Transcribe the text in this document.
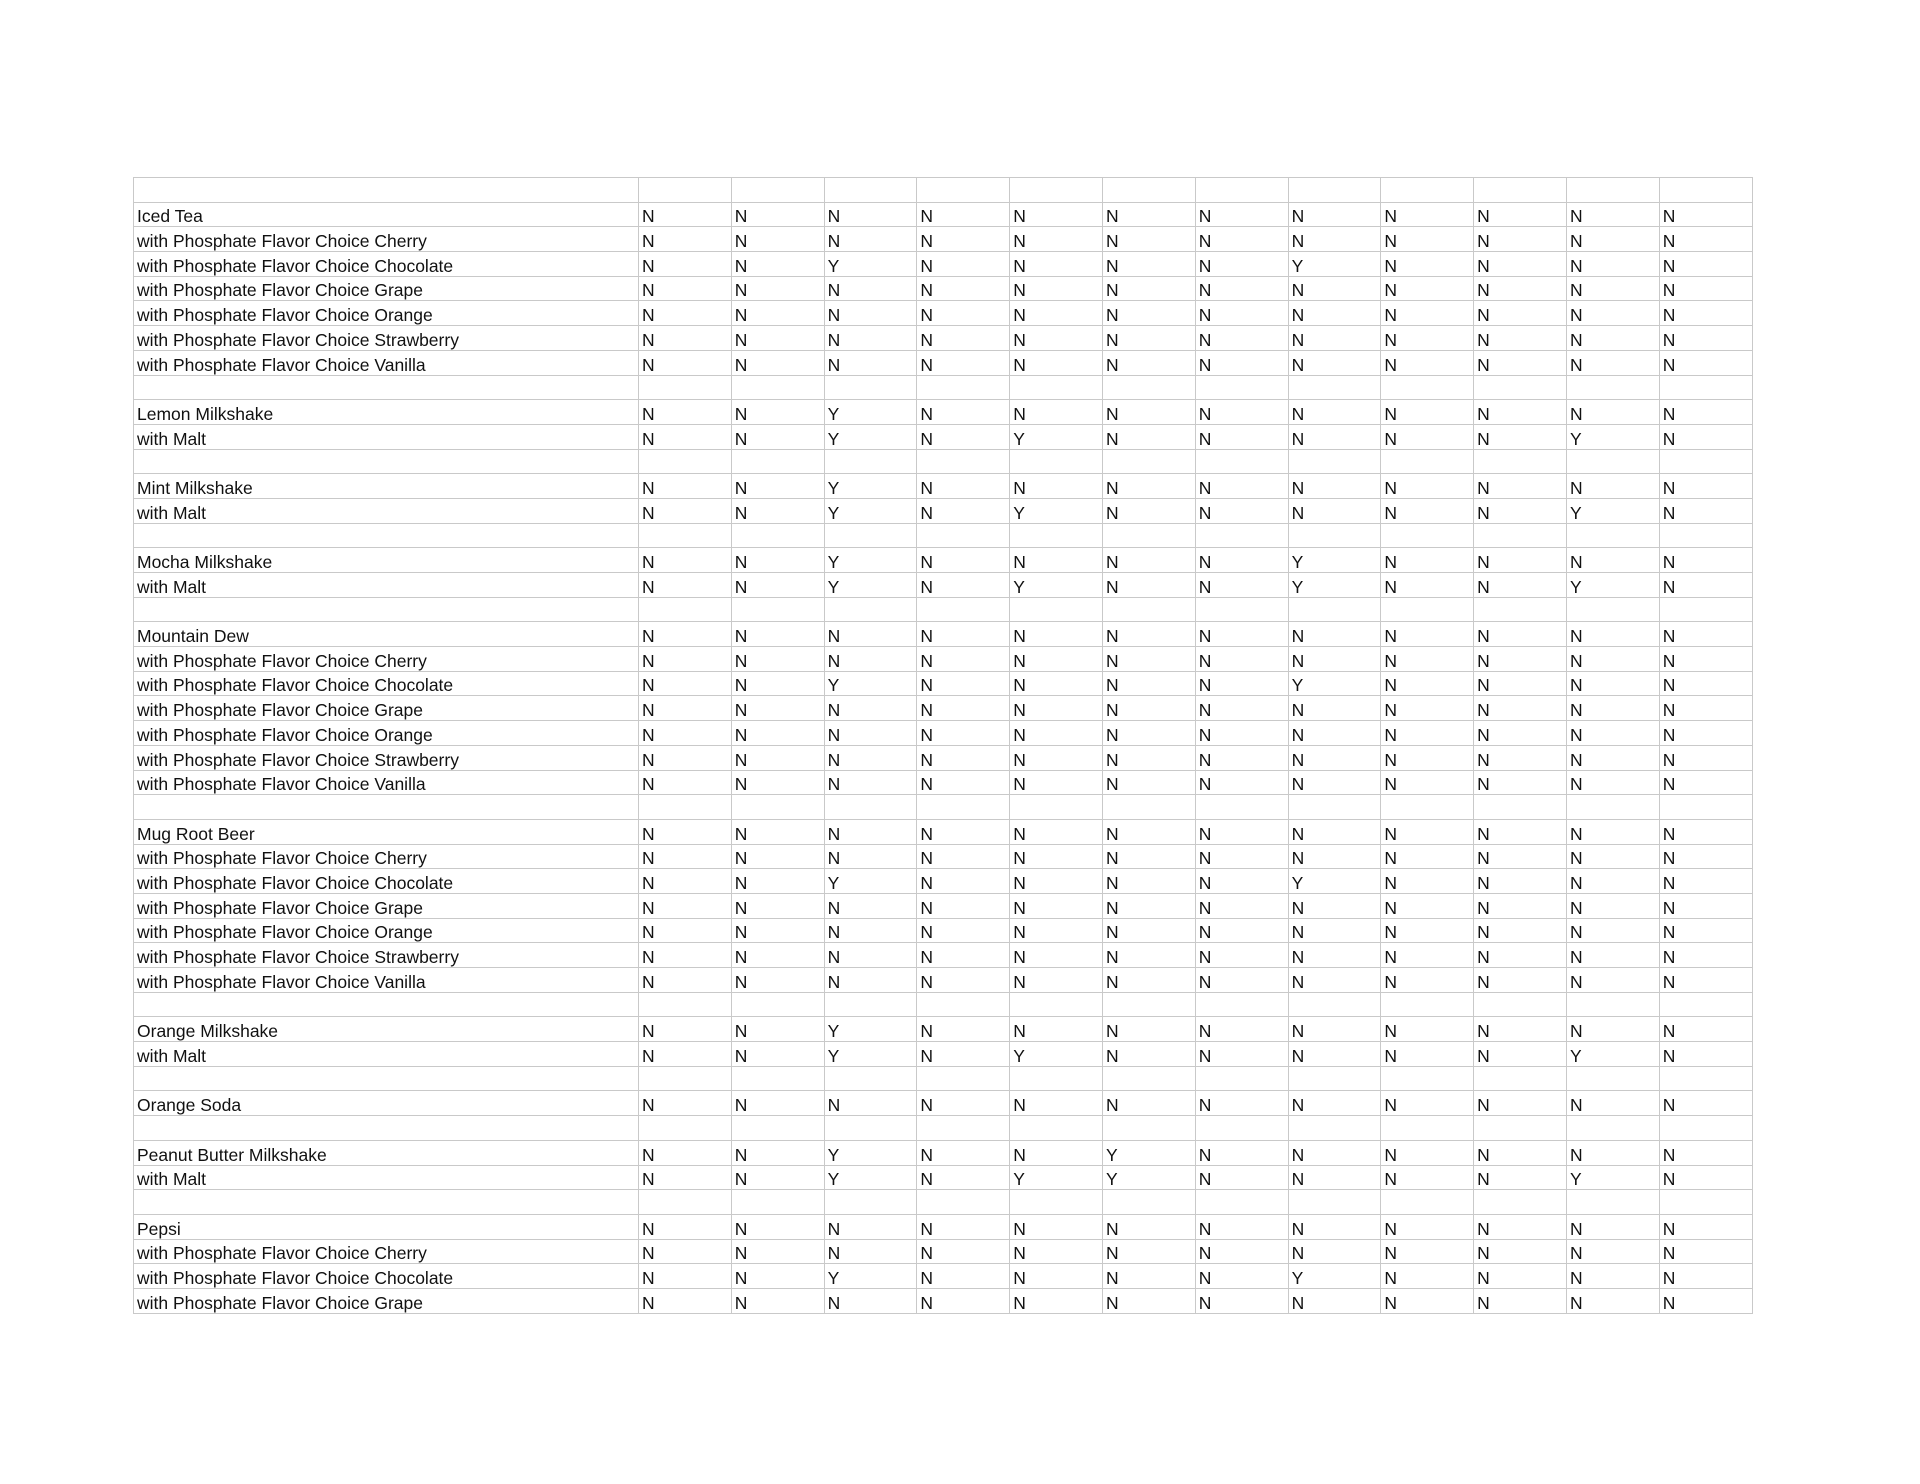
Iced Tea	N	N	N	N	N	N	N	N	N	N	N	N
with Phosphate Flavor Choice Cherry	N	N	N	N	N	N	N	N	N	N	N	N
with Phosphate Flavor Choice Chocolate	N	N	Y	N	N	N	N	Y	N	N	N	N
with Phosphate Flavor Choice Grape	N	N	N	N	N	N	N	N	N	N	N	N
with Phosphate Flavor Choice Orange	N	N	N	N	N	N	N	N	N	N	N	N
with Phosphate Flavor Choice Strawberry	N	N	N	N	N	N	N	N	N	N	N	N
with Phosphate Flavor Choice Vanilla	N	N	N	N	N	N	N	N	N	N	N	N

Lemon Milkshake	N	N	Y	N	N	N	N	N	N	N	N	N
with Malt	N	N	Y	N	Y	N	N	N	N	N	Y	N

Mint Milkshake	N	N	Y	N	N	N	N	N	N	N	N	N
with Malt	N	N	Y	N	Y	N	N	N	N	N	Y	N

Mocha Milkshake	N	N	Y	N	N	N	N	Y	N	N	N	N
with Malt	N	N	Y	N	Y	N	N	Y	N	N	Y	N

Mountain Dew	N	N	N	N	N	N	N	N	N	N	N	N
with Phosphate Flavor Choice Cherry	N	N	N	N	N	N	N	N	N	N	N	N
with Phosphate Flavor Choice Chocolate	N	N	Y	N	N	N	N	Y	N	N	N	N
with Phosphate Flavor Choice Grape	N	N	N	N	N	N	N	N	N	N	N	N
with Phosphate Flavor Choice Orange	N	N	N	N	N	N	N	N	N	N	N	N
with Phosphate Flavor Choice Strawberry	N	N	N	N	N	N	N	N	N	N	N	N
with Phosphate Flavor Choice Vanilla	N	N	N	N	N	N	N	N	N	N	N	N

Mug Root Beer	N	N	N	N	N	N	N	N	N	N	N	N
with Phosphate Flavor Choice Cherry	N	N	N	N	N	N	N	N	N	N	N	N
with Phosphate Flavor Choice Chocolate	N	N	Y	N	N	N	N	Y	N	N	N	N
with Phosphate Flavor Choice Grape	N	N	N	N	N	N	N	N	N	N	N	N
with Phosphate Flavor Choice Orange	N	N	N	N	N	N	N	N	N	N	N	N
with Phosphate Flavor Choice Strawberry	N	N	N	N	N	N	N	N	N	N	N	N
with Phosphate Flavor Choice Vanilla	N	N	N	N	N	N	N	N	N	N	N	N

Orange Milkshake	N	N	Y	N	N	N	N	N	N	N	N	N
with Malt	N	N	Y	N	Y	N	N	N	N	N	Y	N

Orange Soda	N	N	N	N	N	N	N	N	N	N	N	N

Peanut Butter Milkshake	N	N	Y	N	N	Y	N	N	N	N	N	N
with Malt	N	N	Y	N	Y	Y	N	N	N	N	Y	N

Pepsi	N	N	N	N	N	N	N	N	N	N	N	N
with Phosphate Flavor Choice Cherry	N	N	N	N	N	N	N	N	N	N	N	N
with Phosphate Flavor Choice Chocolate	N	N	Y	N	N	N	N	Y	N	N	N	N
with Phosphate Flavor Choice Grape	N	N	N	N	N	N	N	N	N	N	N	N
